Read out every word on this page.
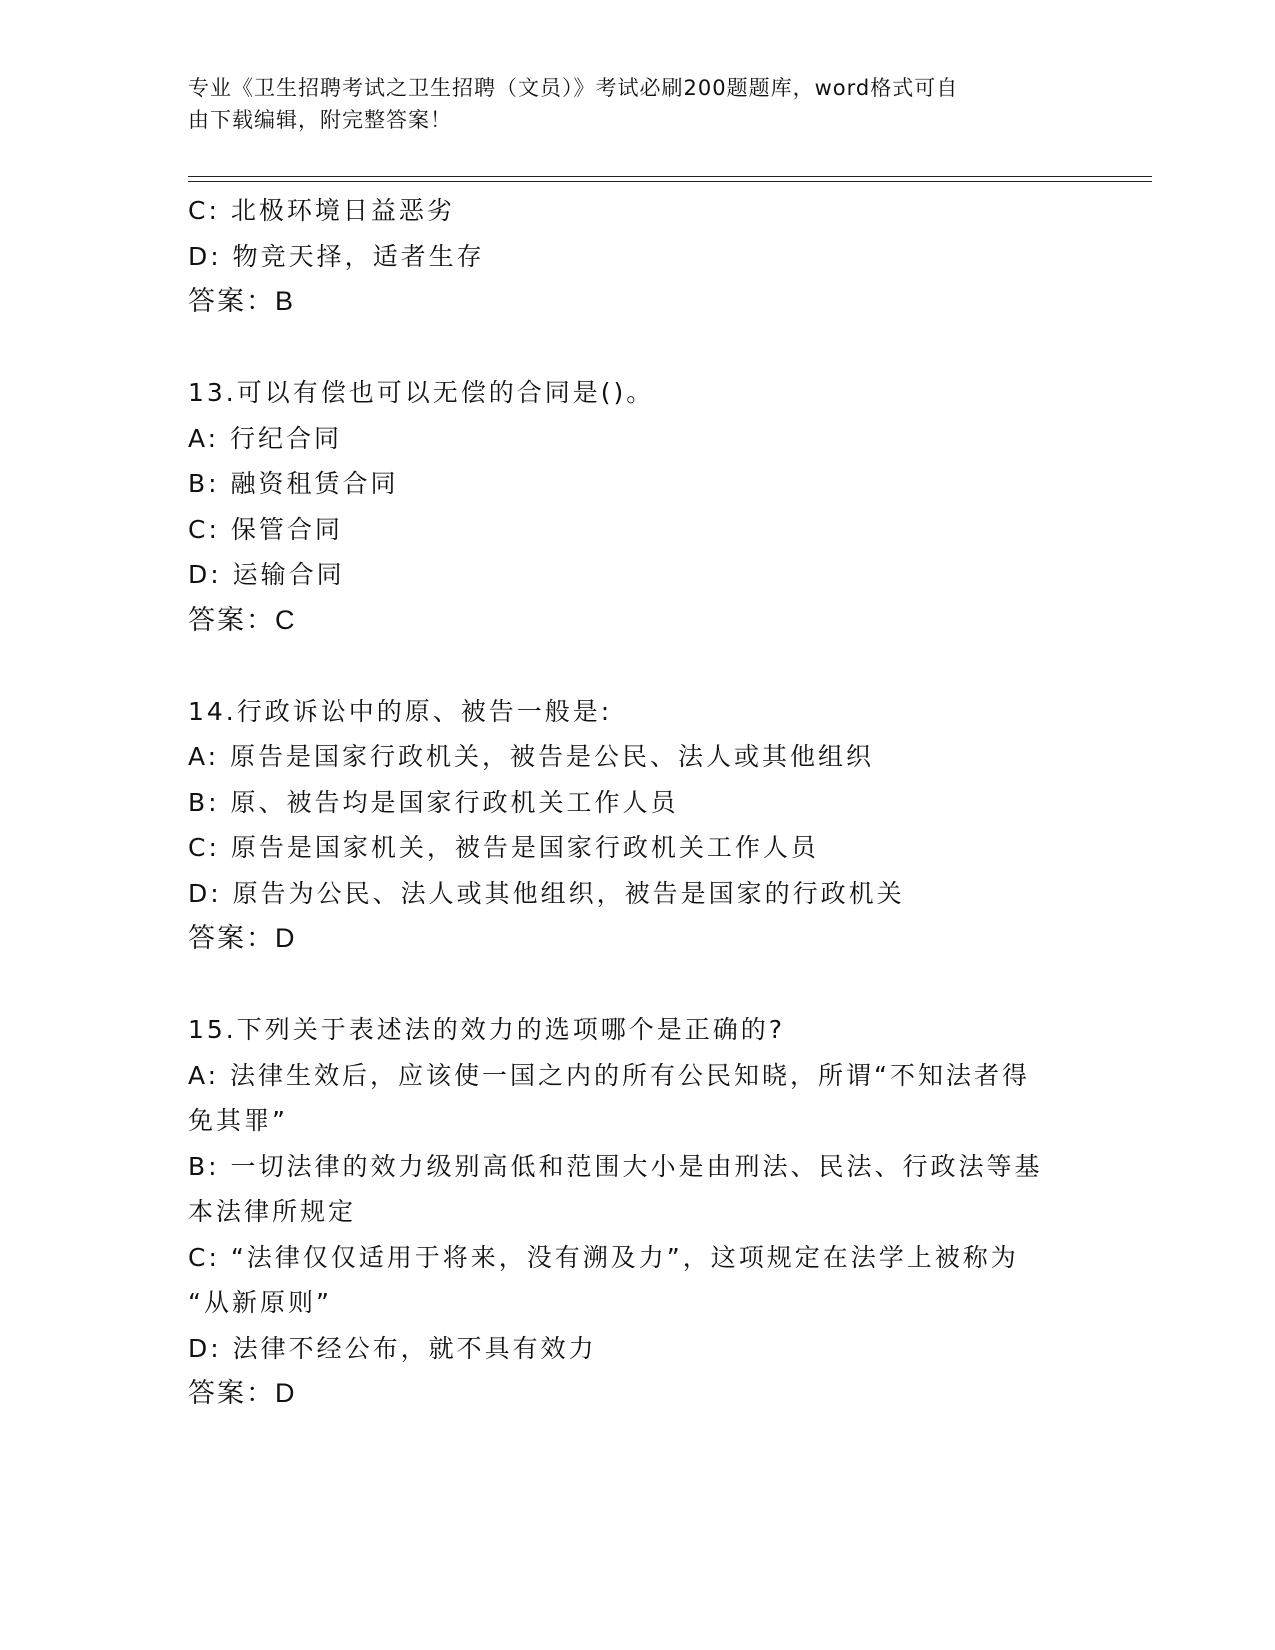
专业《卫生招聘考试之卫生招聘（文员）》考试必刷200题题库，word格式可自
由下载编辑，附完整答案！
C: 北极环境日益恶劣
D: 物竞天择，适者生存
答案：B
13.可以有偿也可以无偿的合同是()。
A: 行纪合同
B: 融资租赁合同
C: 保管合同
D: 运输合同
答案：C
14.行政诉讼中的原、被告一般是:
A: 原告是国家行政机关，被告是公民、法人或其他组织
B: 原、被告均是国家行政机关工作人员
C: 原告是国家机关，被告是国家行政机关工作人员
D: 原告为公民、法人或其他组织，被告是国家的行政机关
答案：D
15.下列关于表述法的效力的选项哪个是正确的?
A: 法律生效后，应该使一国之内的所有公民知晓，所谓“不知法者得
免其罪”
B: 一切法律的效力级别高低和范围大小是由刑法、民法、行政法等基
本法律所规定
C: “法律仅仅适用于将来，没有溯及力”，这项规定在法学上被称为
“从新原则”
D: 法律不经公布，就不具有效力
答案：D
